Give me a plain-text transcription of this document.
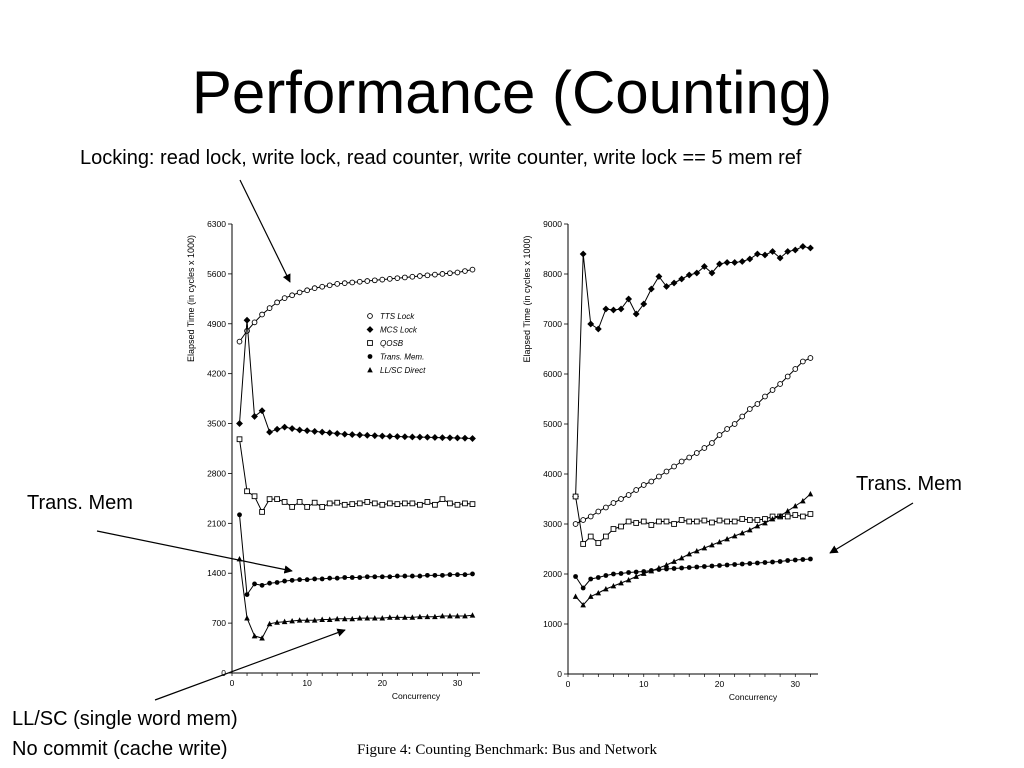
Performance (Counting)
Locking: read lock, write lock, read counter, write counter, write lock == 5 mem ref
0
700
1400
2100
2800
3500
4200
4900
5600
6300
0	10	20	30
Concurrency
Elapsed Time (in cycles x 1000)	TTS Lock
MCS Lock
QOSB
Trans. Mem.
LL/SC Direct
0
1000
2000
3000
4000
5000
6000
7000
8000
9000
0	10	20	30
Concurrency
Elapsed Time (in cycles x 1000)
Trans. Mem
Trans. Mem
LL/SC (single word mem)
No commit (cache write)	Figure 4: Counting Benchmark: Bus and Network
